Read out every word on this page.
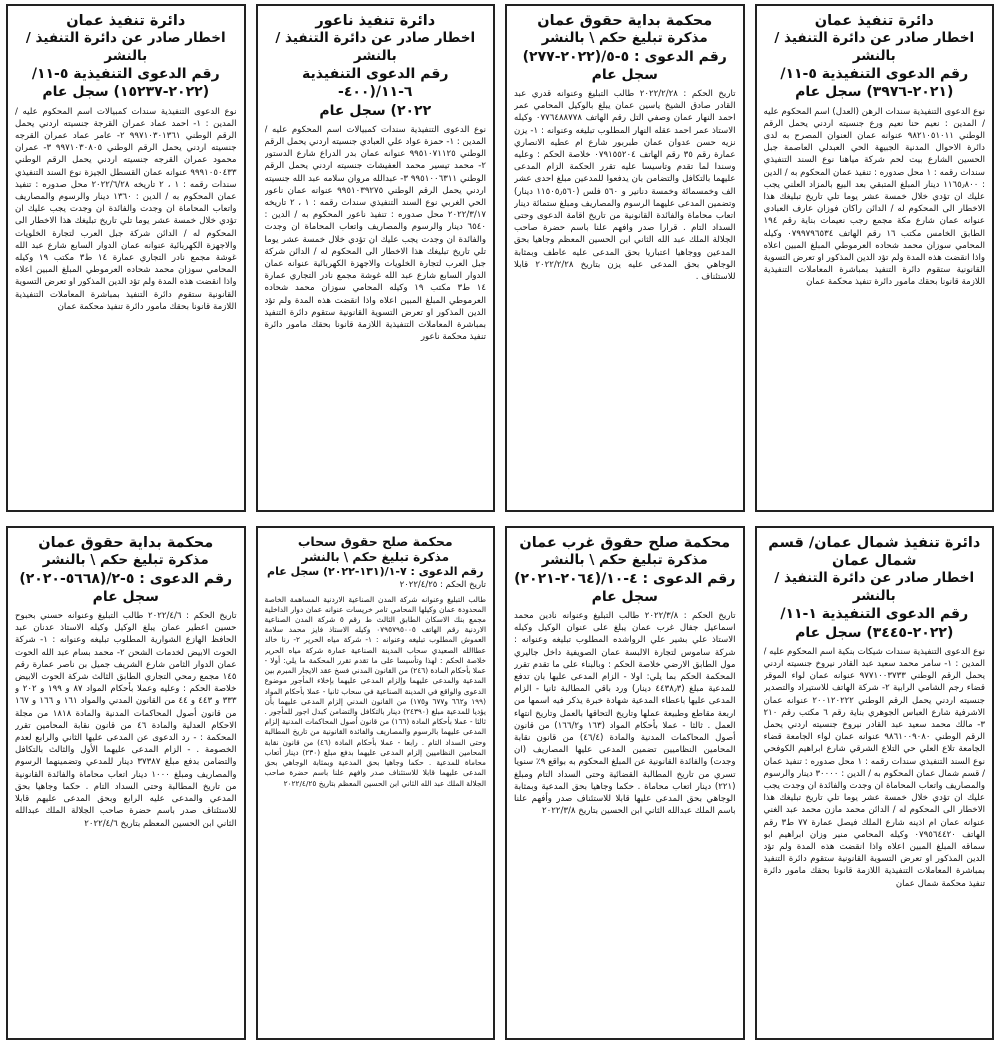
دائرة تنفيذ عمان
اخطار صادر عن دائرة التنفيذ / بالنشر
رقم الدعوى التنفيذية ٥-١١/
(٢٠٢١-٣٩٧٦) سجل عام
نوع الدعوى التنفيذية سندات الرهن (العدل) اسم المحكوم عليه / المدين : نعيم حنا نعيم ورع جنسيته اردني يحمل الرقم الوطني ٩٨٢١٠٥١٠١١ عنوانه عمان العنوان المصرح به لدى دائرة الاحوال المدنية الجبيهة الحي العبدلي العاصمة جبل الحسين الشارع بيت لحم شركة مياهنا نوع السند التنفيذي سندات رقمه : ١ محل صدوره : تنفيذ عمان المحكوم به / الدين : ١١٦٥٫٨٠٠ دينار المبلغ المتبقي بعد البيع بالمزاد العلني يجب عليك ان تؤدي خلال خمسة عشر يوما تلي تاريخ تبليغك هذا الاخطار الى المحكوم له / الدائن راكان فوزان عارف العبادي عنوانه عمان شارع مكة مجمع رجب نعيمات بناية رقم ١٩٤ الطابق الخامس مكتب ١٦ رقم الهاتف ٠٧٩٩٧٩٦٥٣٤ وكيله المحامي سوزان محمد شحاده العرموطي المبلغ المبين اعلاه واذا انقضت هذه المدة ولم تؤد الدين المذكور او تعرض التسوية القانونية ستقوم دائرة التنفيذ بمباشرة المعاملات التنفيذية اللازمة قانونا بحقك مامور دائرة تنفيذ محكمة عمان
محكمة بداية حقوق عمان
مذكرة تبليغ حكم \ بالنشر
رقم الدعوى : ٥-٥/(٢٠٢٢-٢٧٧)
سجل عام
تاريخ الحكم : ٢٠٢٢/٢/٢٨ طالب التبليغ وعنوانه قدري عبد القادر صادق الشيخ ياسين عمان يبلغ بالوكيل المحامي عمر احمد النهار عمان وصفي التل رقم الهاتف ٠٧٧٦٤٨٨٧٧٨ وكيله الاستاذ عمر احمد عقله النهار المطلوب تبليغه وعنوانه : ١- يزن نزيه حسن عدوان عمان طبربور شارع ام عطيه الانصاري عمارة رقم ٣٥ رقم الهاتف ٠٧٩١٥٥٢٠٤ خلاصة الحكم : وعليه وسندا لما تقدم وتاسيسا عليه تقرر الحكمة الزام المدعى عليهما بالتكافل والتضامن بان يدفعوا للمدعين مبلغ احدى عشر الف وخمسمائة وخمسة دنانير و ٥٦٠ فلس (١١٥٠٥٫٥٦٠ دينار) وتضمين المدعى عليهما الرسوم والمصاريف ومبلغ ستمائة دينار اتعاب محاماة والفائدة القانونية من تاريخ اقامة الدعوى وحتى السداد التام . قرارا صدر وافهم علنا باسم حضرة صاحب الجلالة الملك عبد الله الثاني ابن الحسين المعظم وجاهيا بحق المدعين ووجاهيا اعتباريا بحق المدعى عليه عاطف وبمثابة الوجاهي بحق المدعى عليه يزن بتاريخ ٢٠٢٢/٢/٢٨ قابلا للاستئناف .
دائرة تنفيذ ناعور
اخطار صادر عن دائرة التنفيذ / بالنشر
رقم الدعوى التنفيذية ٦-١١/(٤٠٠-
٢٠٢٢) سجل عام
نوع الدعوى التنفيذية سندات كمبيالات اسم المحكوم عليه / المدين : ١- حمزة عواد علي العبادي جنسيته اردني يحمل الرقم الوطني ٩٩٥١٠٧١١٢٥ عنوانه عمان بدر الدراع شارع الدستور ٢- محمد تيسير محمد العفيشات جنسيته اردني يحمل الرقم الوطني ٩٩٥١٠٠٦٣١١ ٣- عبدالله مروان سلامه عبد الله جنسيته اردني يحمل الرقم الوطني ٩٩٥١٠٣٩٢٧٥ عنوانه عمان ناعور الحي الغربي نوع السند التنفيذي سندات رقمه : ١ ، ٢ تاريخه ٢٠٢٢/٣/١٧ محل صدوره : تنفيذ ناعور المحكوم به / الدين : ٦٥٤٠ دينار والرسوم والمصاريف واتعاب المحاماة ان وجدت والفائدة ان وجدت يجب عليك ان تؤدي خلال خمسة عشر يوما تلي تاريخ تبليغك هذا الاخطار الى المحكوم له / الدائن شركة جبل العرب لتجارة الخلويات والاجهزة الكهربائية عنوانه عمان الدوار السابع شارع عبد الله غوشة مجمع نادر التجاري عمارة ١٤ ط٣ مكتب ١٩ وكيله المحامي سوزان محمد شحاده العرموطي المبلغ المبين اعلاه واذا انقضت هذه المدة ولم تؤد الدين المذكور او تعرض التسوية القانونية ستقوم دائرة التنفيذ بمباشرة المعاملات التنفيذية اللازمة قانونا بحقك مامور دائرة تنفيذ محكمة ناعور
دائرة تنفيذ عمان
اخطار صادر عن دائرة التنفيذ / بالنشر
رقم الدعوى التنفيذية ٥-١١/
(٢٠٢٢-١٥٢٣٧) سجل عام
نوع الدعوى التنفيذية سندات كمبيالات اسم المحكوم عليه / المدين : ١- احمد عماد عمران القرجة جنسيته اردني يحمل الرقم الوطني ٩٩٧١٠٣٠١٣٦١ ٢- عامر عماد عمران القرجه جنسيته اردني يحمل الرقم الوطني ٩٩٧١٠٣٠٨٠٥ ٣- عمران محمود عمران القرجه جنسيته اردني يحمل الرقم الوطني ٩٩٩١٠٥٠٤٣٣ عنوانه عمان القسطل الجيزة نوع السند التنفيذي سندات رقمه : ١ ، ٢ تاريخه ٢٠٢٢/٦/٢٨ محل صدوره : تنفيذ عمان المحكوم به / الدين : ١٣٦٠ دينار والرسوم والمصاريف واتعاب المحاماة ان وجدت والفائدة ان وجدت يجب عليك ان تؤدي خلال خمسة عشر يوما تلي تاريخ تبليغك هذا الاخطار الى المحكوم له / الدائن شركة جبل العرب لتجارة الخلويات والاجهزة الكهربائية عنوانه عمان الدوار السابع شارع عبد الله غوشة مجمع نادر التجاري عمارة ١٤ ط٣ مكتب ١٩ وكيله المحامي سوزان محمد شحاده العرموطي المبلغ المبين اعلاه واذا انقضت هذه المدة ولم تؤد الدين المذكور او تعرض التسوية القانونية ستقوم دائرة التنفيذ بمباشرة المعاملات التنفيذية اللازمة قانونا بحقك مامور دائرة تنفيذ محكمة عمان
دائرة تنفيذ شمال عمان/ قسم شمال عمان
اخطار صادر عن دائرة التنفيذ / بالنشر
رقم الدعوى التنفيذية ١-١١/
(٢٠٢٢-٣٤٤٥) سجل عام
نوع الدعوى التنفيذية سندات شيكات بنكية اسم المحكوم عليه / المدين : ١- سامر محمد سعيد عبد القادر نيروخ جنسيته اردني يحمل الرقم الوطني ٩٧٧١٠٠٣٧٣٣ عنوانه عمان لواء الموقر قضاء رجم الشامي الرابية ٢- شركة الهاتف للاستيراد والتصدير جنسيته اردني يحمل الرقم الوطني ٢٠٠١٢٠٢٢٢ عنوانه عمان الاشرفية شارع العباس الجوهري بناية رقم ٦ مكتب رقم ٢١٠ ٣- مالك محمد سعيد عبد القادر نيروخ جنسيته اردني يحمل الرقم الوطني ٩٨٦١٠٠٩٠٨٠ عنوانه عمان لواء الجامعة قضاء الجامعة تلاع العلي حي التلاع الشرقي شارع ابراهيم الكوفحي نوع السند التنفيذي سندات رقمه : ١ محل صدوره : تنفيذ عمان / قسم شمال عمان المحكوم به / الدين : ٣٠٠٠٠ دينار والرسوم والمصاريف واتعاب المحاماة ان وجدت والفائدة ان وجدت يجب عليك ان تؤدي خلال خمسة عشر يوما تلي تاريخ تبليغك هذا الاخطار الى المحكوم له / الدائن محمد مازن محمد عبد الغني عنوانه عمان ام اذينه شارع الملك فيصل عمارة ٧٧ ط٣ رقم الهاتف ٠٧٩٥٦٤٤٢٠ وكيله المحامي منير وزان ابراهيم ابو سماقه المبلغ المبين اعلاه واذا انقضت هذه المدة ولم تؤد الدين المذكور او تعرض التسوية القانونية ستقوم دائرة التنفيذ بمباشرة المعاملات التنفيذية اللازمة قانونا بحقك مامور دائرة تنفيذ محكمة شمال عمان
محكمة صلح حقوق غرب عمان
مذكرة تبليغ حكم \ بالنشر
رقم الدعوى : ٤-١٠/(٢٠٦٤-٢٠٢١)
سجل عام
تاريخ الحكم : ٢٠٢٢/٣/٨ طالب التبليغ وعنوانه نادين محمد اسماعيل جفال غرب عمان يبلغ على عنوان الوكيل وكيله الاستاذ علي بشير علي الرواشده المطلوب تبليغه وعنوانه : شركة ساموس لتجارة الالبسة عمان الصويفية داخل جاليري مول الطابق الارضي خلاصة الحكم : وبالبناء على ما تقدم تقرر المحكمة الحكم بما يلي: اولا - الزام المدعى عليها بان تدفع للمدعية مبلغ (٤٤٣٨٫٣ دينار) ورد باقي المطالبة ثانيا - الزام المدعى عليها باعطاء المدعية شهادة خبرة يذكر فيه اسمها من اربعة مقاطع وطبيعة عملها وتاريخ التحاقها بالعمل وتاريخ انتهاء العمل . ثالثا - عملا بأحكام المواد (١٦٣ و١٦٦/٢) من قانون أصول المحاكمات المدنية والمادة (٤٦/٤) من قانون نقابة المحامين النظاميين تضمين المدعى عليها المصاريف (ان وجدت) والفائدة القانونية عن المبلغ المحكوم به بواقع ٩٪ سنويا تسري من تاريخ المطالبة القضائية وحتى السداد التام ومبلغ (٢٢١) دينار اتعاب محاماة . حكما وجاهيا بحق المدعية وبمثابة الوجاهي بحق المدعى عليها قابلا للاستئناف صدر وأفهم علنا باسم الملك عبدالله الثاني ابن الحسين بتاريخ ٢٠٢٢/٣/٨
محكمة صلح حقوق سحاب
مذكرة تبليغ حكم \ بالنشر
رقم الدعوى : ٧-١/(١٣١-٢٠٢٢) سجل عام
تاريخ الحكم : ٢٠٢٢/٤/٢٥
طالب التبليغ وعنوانه شركة المدن الصناعية الاردنية المساهمة الخاصة المحدودة عمان وكيلها المحامي تامر خريسات عنوانه عمان دوار الداخلية مجمع بنك الاسكان الطابق الثالث ط رقم ٥ شركة المدن الصناعية الاردنية رقم الهاتف ٠٧٩٥٧٩٥٠٠٥ وكيله الاستاذ فايز محمد سلامة العموش المطلوب تبليغه وعنوانه : ١- شركة مياه الحرير ٢- رنا خالد عطاالله الصعيدي سحاب المدينة الصناعية عمارة شركة مياه الحرير خلاصة الحكم : لهذا وتأسيسا على ما تقدم تقرر المحكمة ما يلي: أولا - عملا بأحكام المادة (٢٤٦) من القانون المدني فسخ عقد الايجار المبرم بين المدعية والمدعى عليهما وإلزام المدعى عليهما بإخلاء المأجور موضوع الدعوى والواقع في المدينة الصناعية في سحاب ثانيا - عملا بأحكام المواد (١٩٩ و٦٦٢ و٦٧٧ و١٧٥) من القانون المدني إلزام المدعى عليهما بأن يؤديا للمدعية مبلغ (٢٤٣٩٠) دينار بالتكافل والتضامن كبدل اجور للمأجور . ثالثا - عملا بأحكام المادة (١٦٦) من قانون أصول المحاكمات المدنية إلزام المدعى عليهما بالرسوم والمصاريف والفائدة القانونية من تاريخ المطالبة وحتى السداد التام . رابعا - عملا بأحكام المادة (٤٦) من قانون نقابة المحامين النظاميين إلزام المدعى عليهما بدفع مبلغ (٢٣٠) دينار أتعاب محاماة للمدعية . حكما وجاهيا بحق المدعية وبمثابة الوجاهي بحق المدعى عليهما قابلا للاستئناف صدر وافهم علنا باسم حضرة صاحب الجلالة الملك عبد الله الثاني ابن الحسين المعظم بتاريخ ٢٠٢٢/٤/٢٥
محكمة بداية حقوق عمان
مذكرة تبليغ حكم \ بالنشر
رقم الدعوى : ٥-٢/(٥٦٦٨-٢٠٢٠)
سجل عام
تاريخ الحكم : ٢٠٢٢/٤/٦ طالب التبليغ وعنوانه حسني بحبوح حسين اعطير عمان يبلغ الوكيل وكيله الاستاذ عدنان عبد الحافظ الهازع الشوارية المطلوب تبليغه وعنوانه : ١- شركة الحوت الابيض لخدمات الشحن ٢- محمد بسام عبد الله الحوت عمان الدوار الثامن شارع الشريف جميل بن ناصر عمارة رقم ١٤٥ مجمع رمحي التجاري الطابق الثالث شركة الحوت الابيض خلاصة الحكم : وعليه وعملا بأحكام المواد ٨٧ و ١٩٩ و ٢٠٢ و ٣٣٣ و ٤٤٣ و ٤٤ من القانون المدني والمواد ١٦١ و ١٦٦ و ١٦٧ من قانون أصول المحاكمات المدنية والمادة ١٨١٨ من مجلة الاحكام العدلية والمادة ٤٦ من قانون نقابة المحامين تقرر المحكمة : - رد الدعوى عن المدعى عليها الثاني والرابع لعدم الخصومة . - الزام المدعى عليهما الأول والثالث بالتكافل والتضامن بدفع مبلغ ٣٧٣٨٧ دينار للمدعي وتضمينهما الرسوم والمصاريف ومبلغ ١٠٠٠ دينار اتعاب محاماة والفائدة القانونية من تاريخ المطالبة وحتى السداد التام . حكما وجاهيا بحق المدعي والمدعى عليه الرابع وبحق المدعى عليهم قابلا للاستئناف صدر باسم حضرة صاحب الجلالة الملك عبدالله الثاني ابن الحسين المعظم بتاريخ ٢٠٢٢/٤/٦
